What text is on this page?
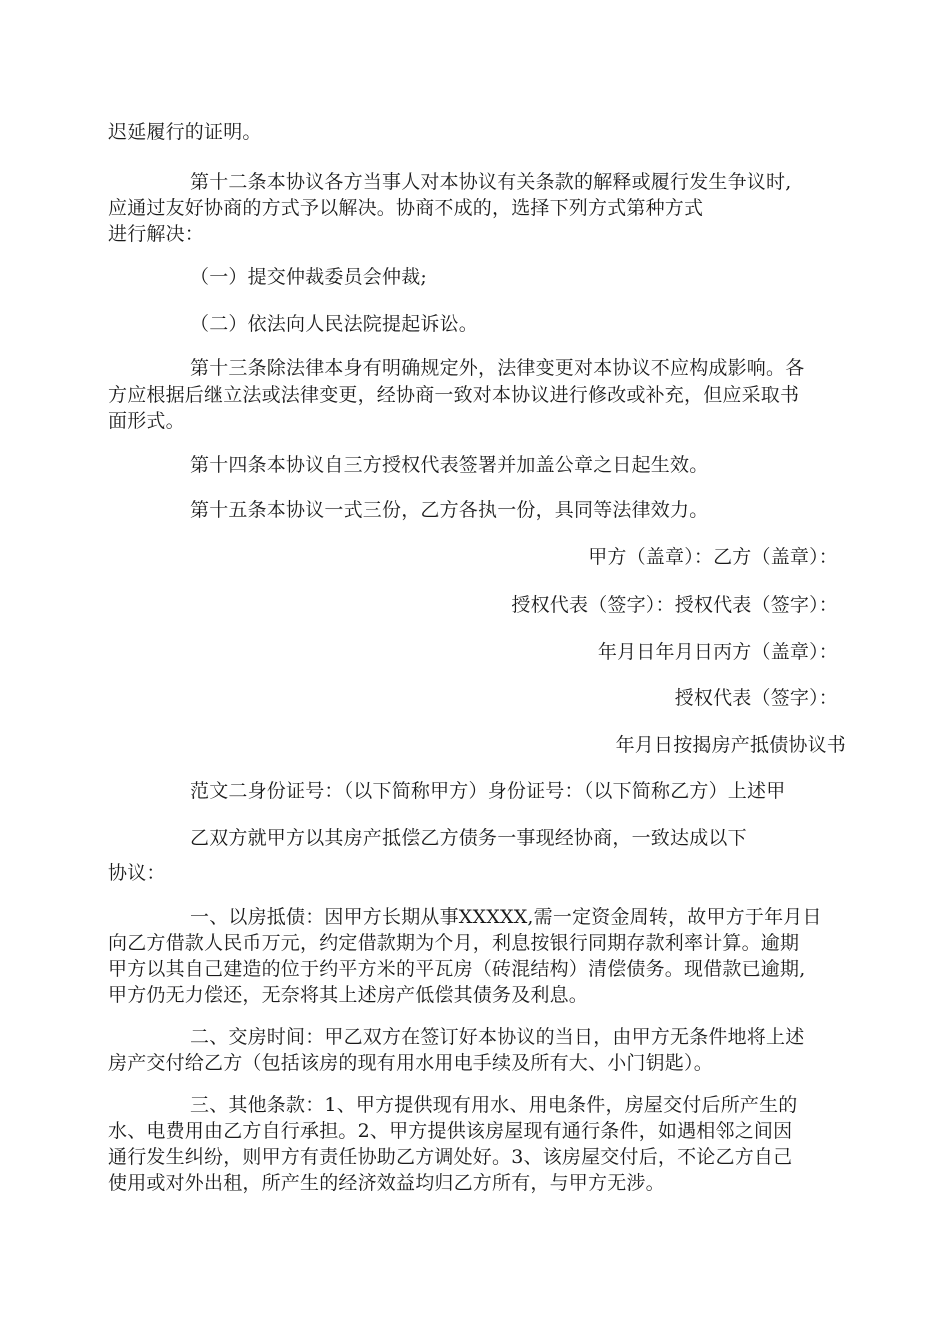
迟延履行的证明。
第十二条本协议各方当事人对本协议有关条款的解释或履行发生争议时,
应通过友好协商的方式予以解决。协商不成的，选择下列方式第种方式
进行解决：
（一）提交仲裁委员会仲裁;
（二）依法向人民法院提起诉讼。
第十三条除法律本身有明确规定外，法律变更对本协议不应构成影响。各
方应根据后继立法或法律变更，经协商一致对本协议进行修改或补充，但应采取书
面形式。
第十四条本协议自三方授权代表签署并加盖公章之日起生效。
第十五条本协议一式三份，乙方各执一份，具同等法律效力。
甲方（盖章）：乙方（盖章）：
授权代表（签字）：授权代表（签字）：
年月日年月日丙方（盖章）：
授权代表（签字）：
年月日按揭房产抵债协议书
范文二身份证号：（以下简称甲方）身份证号：（以下简称乙方）上述甲
乙双方就甲方以其房产抵偿乙方债务一事现经协商，一致达成以下
协议：
一、以房抵债：因甲方长期从事XXXXX,需一定资金周转，故甲方于年月日
向乙方借款人民币万元，约定借款期为个月，利息按银行同期存款利率计算。逾期
甲方以其自己建造的位于约平方米的平瓦房（砖混结构）清偿债务。现借款已逾期,
甲方仍无力偿还，无奈将其上述房产低偿其债务及利息。
二、交房时间：甲乙双方在签订好本协议的当日，由甲方无条件地将上述
房产交付给乙方（包括该房的现有用水用电手续及所有大、小门钥匙）。
三、其他条款：1、甲方提供现有用水、用电条件，房屋交付后所产生的
水、电费用由乙方自行承担。2、甲方提供该房屋现有通行条件，如遇相邻之间因
通行发生纠纷，则甲方有责任协助乙方调处好。3、该房屋交付后，不论乙方自己
使用或对外出租，所产生的经济效益均归乙方所有，与甲方无涉。
